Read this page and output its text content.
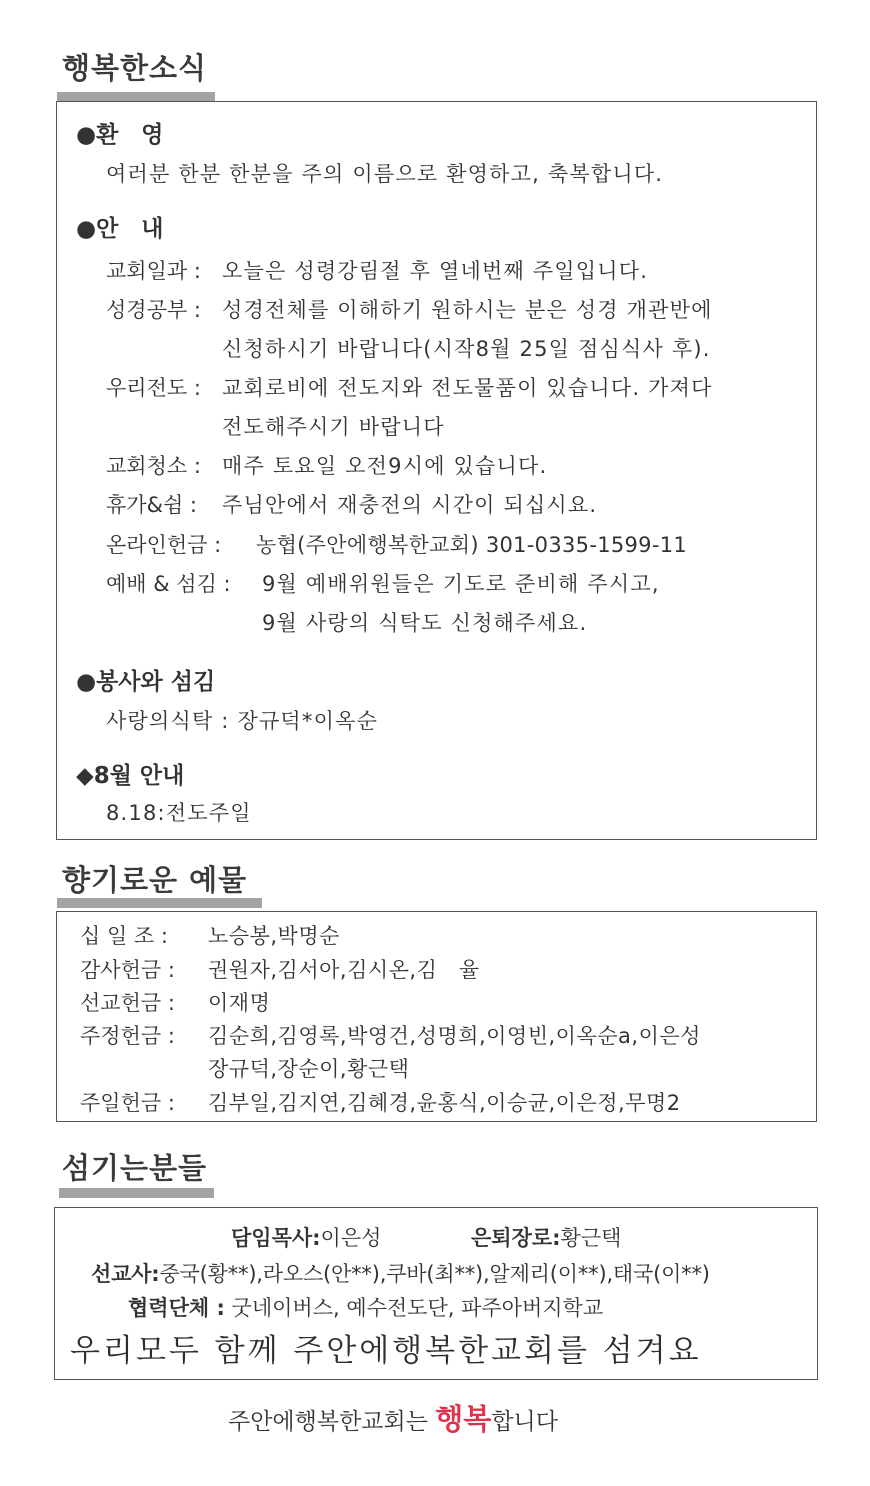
행복한소식
●환　영
여러분 한분 한분을 주의 이름으로 환영하고, 축복합니다.
●안　내
교회일과 : 오늘은 성령강림절 후 열네번째 주일입니다.
성경공부 : 성경전체를 이해하기 원하시는 분은 성경 개관반에
신청하시기 바랍니다(시작8월 25일 점심식사 후).
우리전도 : 교회로비에 전도지와 전도물품이 있습니다. 가져다
전도해주시기 바랍니다
교회청소 : 매주 토요일 오전9시에 있습니다.
휴가&쉼 : 주님안에서 재충전의 시간이 되십시요.
온라인헌금 : 농협(주안에행복한교회) 301-0335-1599-11
예배 & 섬김 : 9월 예배위원들은 기도로 준비해 주시고,
9월 사랑의 식탁도 신청해주세요.
●봉사와 섬김
사랑의식탁 : 장규덕*이옥순
◆8월 안내
8.18:전도주일
향기로운 예물
십 일 조 : 노승봉,박명순
감사헌금 : 권원자,김서아,김시온,김　율
선교헌금 : 이재명
주정헌금 : 김순희,김영록,박영건,성명희,이영빈,이옥순a,이은성
장규덕,장순이,황근택
주일헌금 : 김부일,김지연,김혜경,윤홍식,이승균,이은정,무명2
섬기는분들
담임목사:이은성	은퇴장로:황근택
선교사:중국(황**),라오스(안**),쿠바(최**),알제리(이**),태국(이**)
협력단체 : 굿네이버스, 예수전도단, 파주아버지학교
우리모두 함께 주안에행복한교회를 섬겨요
주안에행복한교회는 행복합니다
